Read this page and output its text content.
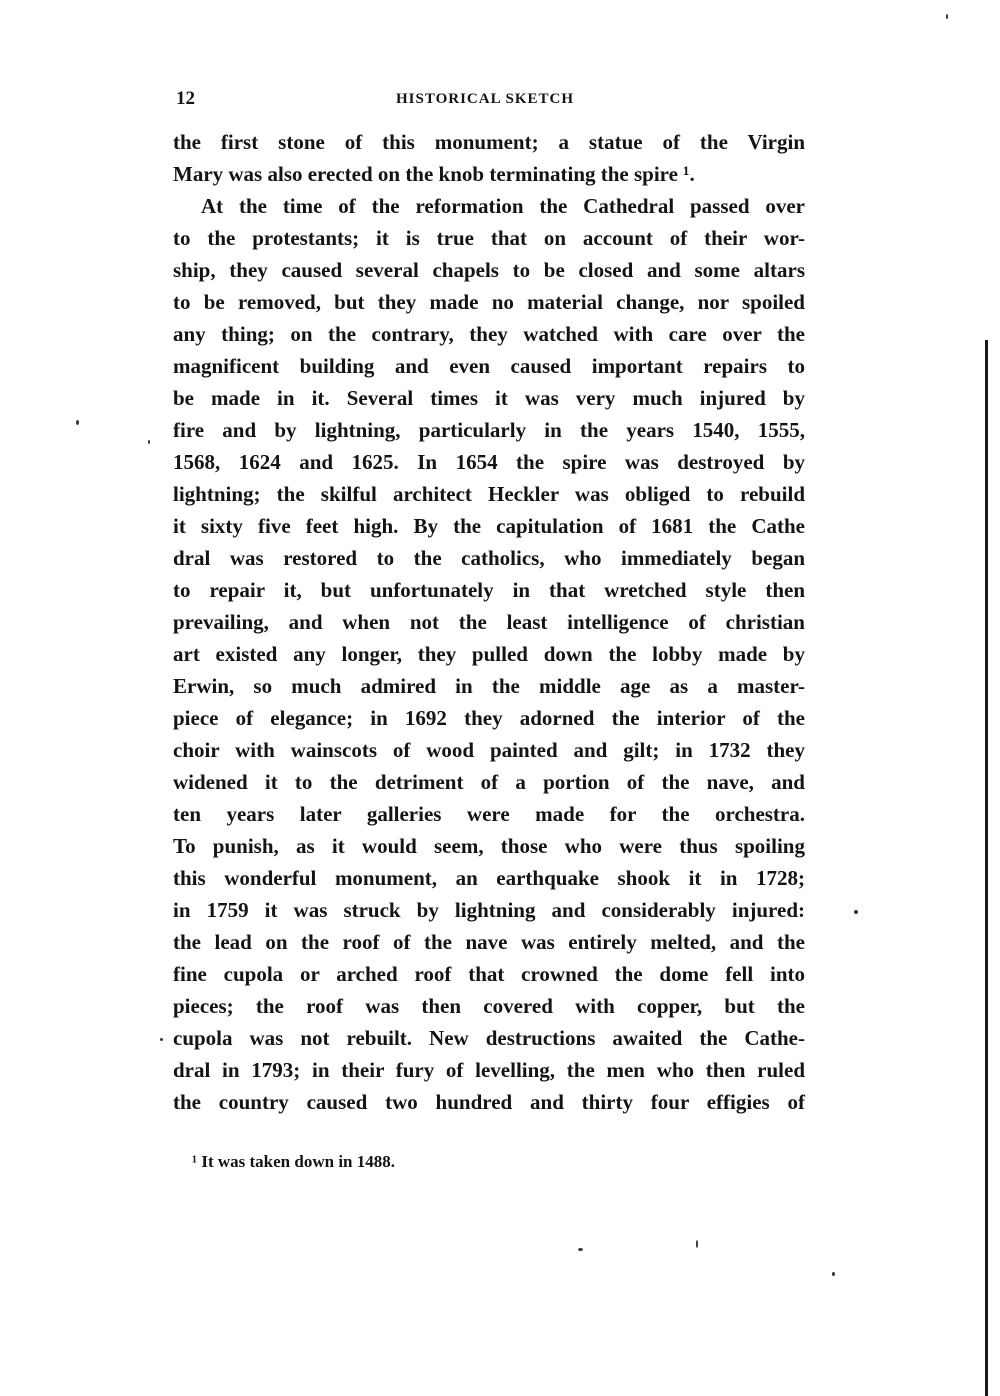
12	HISTORICAL SKETCH
the first stone of this monument; a statue of the Virgin
Mary was also erected on the knob terminating the spire ¹.
At the time of the reformation the Cathedral passed over
to the protestants; it is true that on account of their wor-
ship, they caused several chapels to be closed and some altars
to be removed, but they made no material change, nor spoiled
any thing; on the contrary, they watched with care over the
magnificent building and even caused important repairs to
be made in it. Several times it was very much injured by
fire and by lightning, particularly in the years 1540, 1555,
1568, 1624 and 1625. In 1654 the spire was destroyed by
lightning; the skilful architect Heckler was obliged to rebuild
it sixty five feet high. By the capitulation of 1681 the Cathe
dral was restored to the catholics, who immediately began
to repair it, but unfortunately in that wretched style then
prevailing, and when not the least intelligence of christian
art existed any longer, they pulled down the lobby made by
Erwin, so much admired in the middle age as a master-
piece of elegance; in 1692 they adorned the interior of the
choir with wainscots of wood painted and gilt; in 1732 they
widened it to the detriment of a portion of the nave, and
ten years later galleries were made for the orchestra.
To punish, as it would seem, those who were thus spoiling
this wonderful monument, an earthquake shook it in 1728;
in 1759 it was struck by lightning and considerably injured:
the lead on the roof of the nave was entirely melted, and the
fine cupola or arched roof that crowned the dome fell into
pieces; the roof was then covered with copper, but the
cupola was not rebuilt. New destructions awaited the Cathe-
dral in 1793; in their fury of levelling, the men who then ruled
the country caused two hundred and thirty four effigies of
¹ It was taken down in 1488.
